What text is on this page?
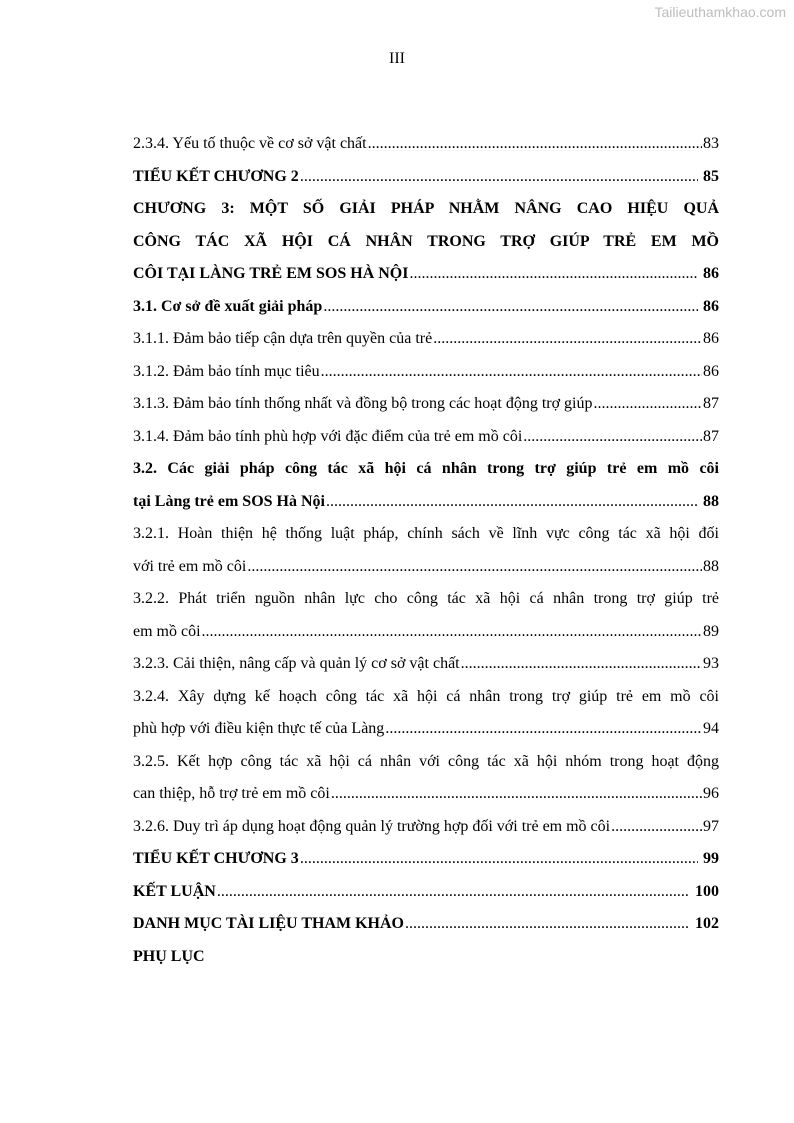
Tailieuthamkhao.com
III
2.3.4. Yếu tố thuộc về cơ sở vật chất .....	83
TIỂU KẾT CHƯƠNG 2 .....	85
CHƯƠNG 3: MỘT SỐ GIẢI PHÁP NHẰM NÂNG CAO HIỆU QUẢ
CÔNG TÁC XÃ HỘI CÁ NHÂN TRONG TRỢ GIÚP TRẺ EM MỒ
CÔI TẠI LÀNG TRẺ EM SOS HÀ NỘI .....	86
3.1. Cơ sở đề xuất giải pháp .....	86
3.1.1. Đảm bảo tiếp cận dựa trên quyền của trẻ .....	86
3.1.2. Đảm bảo tính mục tiêu .....	86
3.1.3. Đảm bảo tính thống nhất và đồng bộ trong các hoạt động trợ giúp .....	87
3.1.4. Đảm bảo tính phù hợp với đặc điểm của trẻ em mồ côi .....	87
3.2. Các giải pháp công tác xã hội cá nhân trong trợ giúp trẻ em mồ côi
tại Làng trẻ em SOS Hà Nội .....	88
3.2.1. Hoàn thiện hệ thống luật pháp, chính sách về lĩnh vực công tác xã hội đối
với trẻ em mồ côi .....	88
3.2.2. Phát triển nguồn nhân lực cho công tác xã hội cá nhân trong trợ giúp trẻ
em mồ côi .....	89
3.2.3. Cải thiện, nâng cấp và quản lý cơ sở vật chất .....	93
3.2.4. Xây dựng kế hoạch công tác xã hội cá nhân trong trợ giúp trẻ em mồ côi
phù hợp với điều kiện thực tế của Làng .....	94
3.2.5. Kết hợp công tác xã hội cá nhân với công tác xã hội nhóm trong hoạt động
can thiệp, hỗ trợ trẻ em mồ côi .....	96
3.2.6. Duy trì áp dụng hoạt động quản lý trường hợp đối với trẻ em mồ côi .....	97
TIỂU KẾT CHƯƠNG 3 .....	99
KẾT LUẬN .....	100
DANH MỤC TÀI LIỆU THAM KHẢO .....	102
PHỤ LỤC
